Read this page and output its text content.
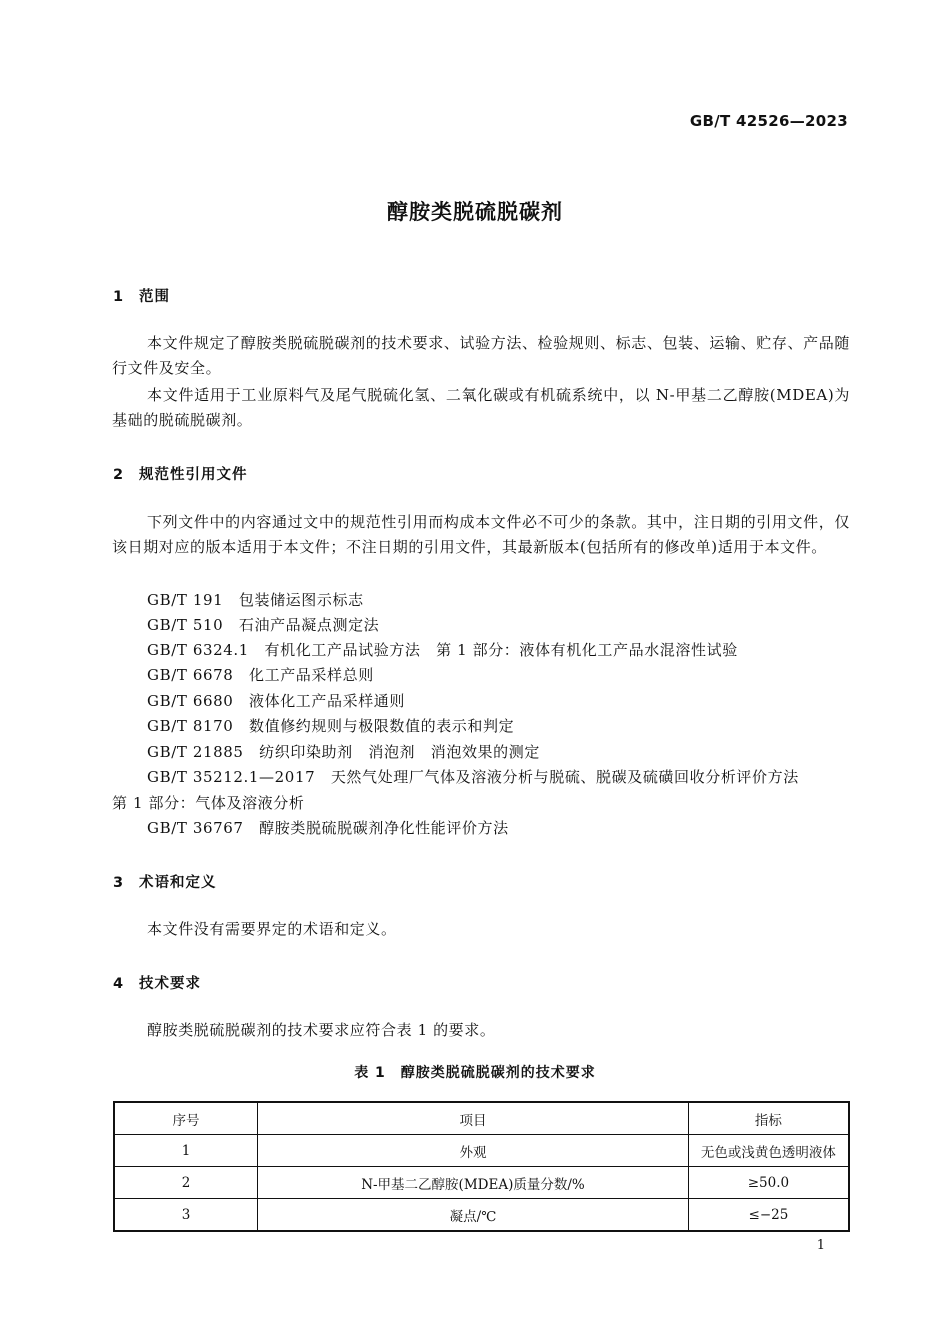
GB/T 42526—2023
醇胺类脱硫脱碳剂
1 范围
本文件规定了醇胺类脱硫脱碳剂的技术要求、试验方法、检验规则、标志、包装、运输、贮存、产品随行文件及安全。
本文件适用于工业原料气及尾气脱硫化氢、二氧化碳或有机硫系统中，以 N-甲基二乙醇胺(MDEA)为基础的脱硫脱碳剂。
2 规范性引用文件
下列文件中的内容通过文中的规范性引用而构成本文件必不可少的条款。其中，注日期的引用文件，仅该日期对应的版本适用于本文件；不注日期的引用文件，其最新版本(包括所有的修改单)适用于本文件。
GB/T 191　包装储运图示标志
GB/T 510　石油产品凝点测定法
GB/T 6324.1　有机化工产品试验方法　第 1 部分：液体有机化工产品水混溶性试验
GB/T 6678　化工产品采样总则
GB/T 6680　液体化工产品采样通则
GB/T 8170　数值修约规则与极限数值的表示和判定
GB/T 21885　纺织印染助剂　消泡剂　消泡效果的测定
GB/T 35212.1—2017　天然气处理厂气体及溶液分析与脱硫、脱碳及硫磺回收分析评价方法
第 1 部分：气体及溶液分析
GB/T 36767　醇胺类脱硫脱碳剂净化性能评价方法
3 术语和定义
本文件没有需要界定的术语和定义。
4 技术要求
醇胺类脱硫脱碳剂的技术要求应符合表 1 的要求。
表 1　醇胺类脱硫脱碳剂的技术要求
序号	项目	指标
1	外观	无色或浅黄色透明液体
2	N-甲基二乙醇胺(MDEA)质量分数/%	≥50.0
3	凝点/℃	≤−25
1
